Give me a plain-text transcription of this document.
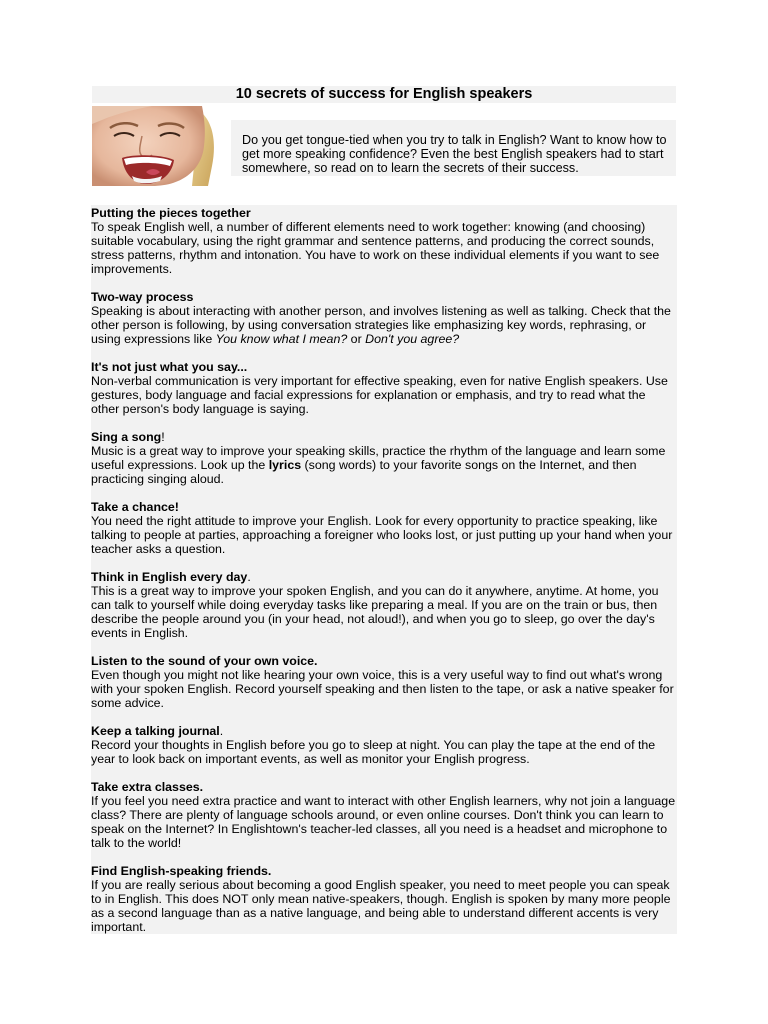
10 secrets of success for English speakers
Do you get tongue-tied when you try to talk in English? Want to know how to get more speaking confidence? Even the best English speakers had to start somewhere, so read on to learn the secrets of their success.
Putting the pieces together
To speak English well, a number of different elements need to work together: knowing (and choosing) suitable vocabulary, using the right grammar and sentence patterns, and producing the correct sounds, stress patterns, rhythm and intonation. You have to work on these individual elements if you want to see improvements.
Two-way process
Speaking is about interacting with another person, and involves listening as well as talking. Check that the other person is following, by using conversation strategies like emphasizing key words, rephrasing, or using expressions like You know what I mean? or Don't you agree?
It's not just what you say...
Non-verbal communication is very important for effective speaking, even for native English speakers. Use gestures, body language and facial expressions for explanation or emphasis, and try to read what the other person's body language is saying.
Sing a song!
Music is a great way to improve your speaking skills, practice the rhythm of the language and learn some useful expressions. Look up the lyrics (song words) to your favorite songs on the Internet, and then practicing singing aloud.
Take a chance!
You need the right attitude to improve your English. Look for every opportunity to practice speaking, like talking to people at parties, approaching a foreigner who looks lost, or just putting up your hand when your teacher asks a question.
Think in English every day.
This is a great way to improve your spoken English, and you can do it anywhere, anytime. At home, you can talk to yourself while doing everyday tasks like preparing a meal. If you are on the train or bus, then describe the people around you (in your head, not aloud!), and when you go to sleep, go over the day's events in English.
Listen to the sound of your own voice.
Even though you might not like hearing your own voice, this is a very useful way to find out what's wrong with your spoken English. Record yourself speaking and then listen to the tape, or ask a native speaker for some advice.
Keep a talking journal.
Record your thoughts in English before you go to sleep at night. You can play the tape at the end of the year to look back on important events, as well as monitor your English progress.
Take extra classes.
If you feel you need extra practice and want to interact with other English learners, why not join a language class? There are plenty of language schools around, or even online courses. Don't think you can learn to speak on the Internet? In Englishtown's teacher-led classes, all you need is a headset and microphone to talk to the world!
Find English-speaking friends.
If you are really serious about becoming a good English speaker, you need to meet people you can speak to in English. This does NOT only mean native-speakers, though. English is spoken by many more people as a second language than as a native language, and being able to understand different accents is very important.
